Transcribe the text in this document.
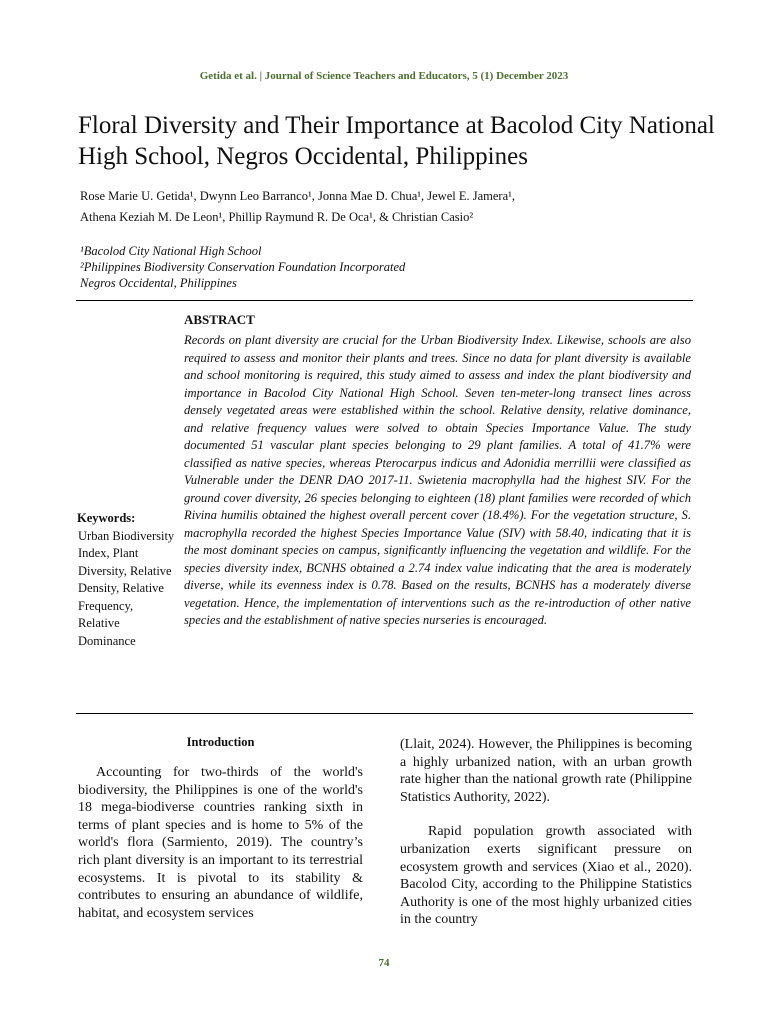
Getida et al. | Journal of Science Teachers and Educators, 5 (1) December 2023
Floral Diversity and Their Importance at Bacolod City National High School, Negros Occidental, Philippines
Rose Marie U. Getida¹, Dwynn Leo Barranco¹, Jonna Mae D. Chua¹, Jewel E. Jamera¹,
Athena Keziah M. De Leon¹, Phillip Raymund R. De Oca¹, & Christian Casio²
¹Bacolod City National High School
²Philippines Biodiversity Conservation Foundation Incorporated
Negros Occidental, Philippines
ABSTRACT
Records on plant diversity are crucial for the Urban Biodiversity Index. Likewise, schools are also required to assess and monitor their plants and trees. Since no data for plant diversity is available and school monitoring is required, this study aimed to assess and index the plant biodiversity and importance in Bacolod City National High School. Seven ten-meter-long transect lines across densely vegetated areas were established within the school. Relative density, relative dominance, and relative frequency values were solved to obtain Species Importance Value. The study documented 51 vascular plant species belonging to 29 plant families. A total of 41.7% were classified as native species, whereas Pterocarpus indicus and Adonidia merrillii were classified as Vulnerable under the DENR DAO 2017-11. Swietenia macrophylla had the highest SIV. For the ground cover diversity, 26 species belonging to eighteen (18) plant families were recorded of which Rivina humilis obtained the highest overall percent cover (18.4%). For the vegetation structure, S. macrophylla recorded the highest Species Importance Value (SIV) with 58.40, indicating that it is the most dominant species on campus, significantly influencing the vegetation and wildlife. For the species diversity index, BCNHS obtained a 2.74 index value indicating that the area is moderately diverse, while its evenness index is 0.78. Based on the results, BCNHS has a moderately diverse vegetation. Hence, the implementation of interventions such as the re-introduction of other native species and the establishment of native species nurseries is encouraged.
Keywords:
Urban Biodiversity Index, Plant Diversity, Relative Density, Relative Frequency, Relative Dominance
Introduction

Accounting for two-thirds of the world's biodiversity, the Philippines is one of the world's 18 mega-biodiverse countries ranking sixth in terms of plant species and is home to 5% of the world's flora (Sarmiento, 2019). The country’s rich plant diversity is an important to its terrestrial ecosystems. It is pivotal to its stability & contributes to ensuring an abundance of wildlife, habitat, and ecosystem services

(Llait, 2024). However, the Philippines is becoming a highly urbanized nation, with an urban growth rate higher than the national growth rate (Philippine Statistics Authority, 2022).

Rapid population growth associated with urbanization exerts significant pressure on ecosystem growth and services (Xiao et al., 2020). Bacolod City, according to the Philippine Statistics Authority is one of the most highly urbanized cities in the country

74
